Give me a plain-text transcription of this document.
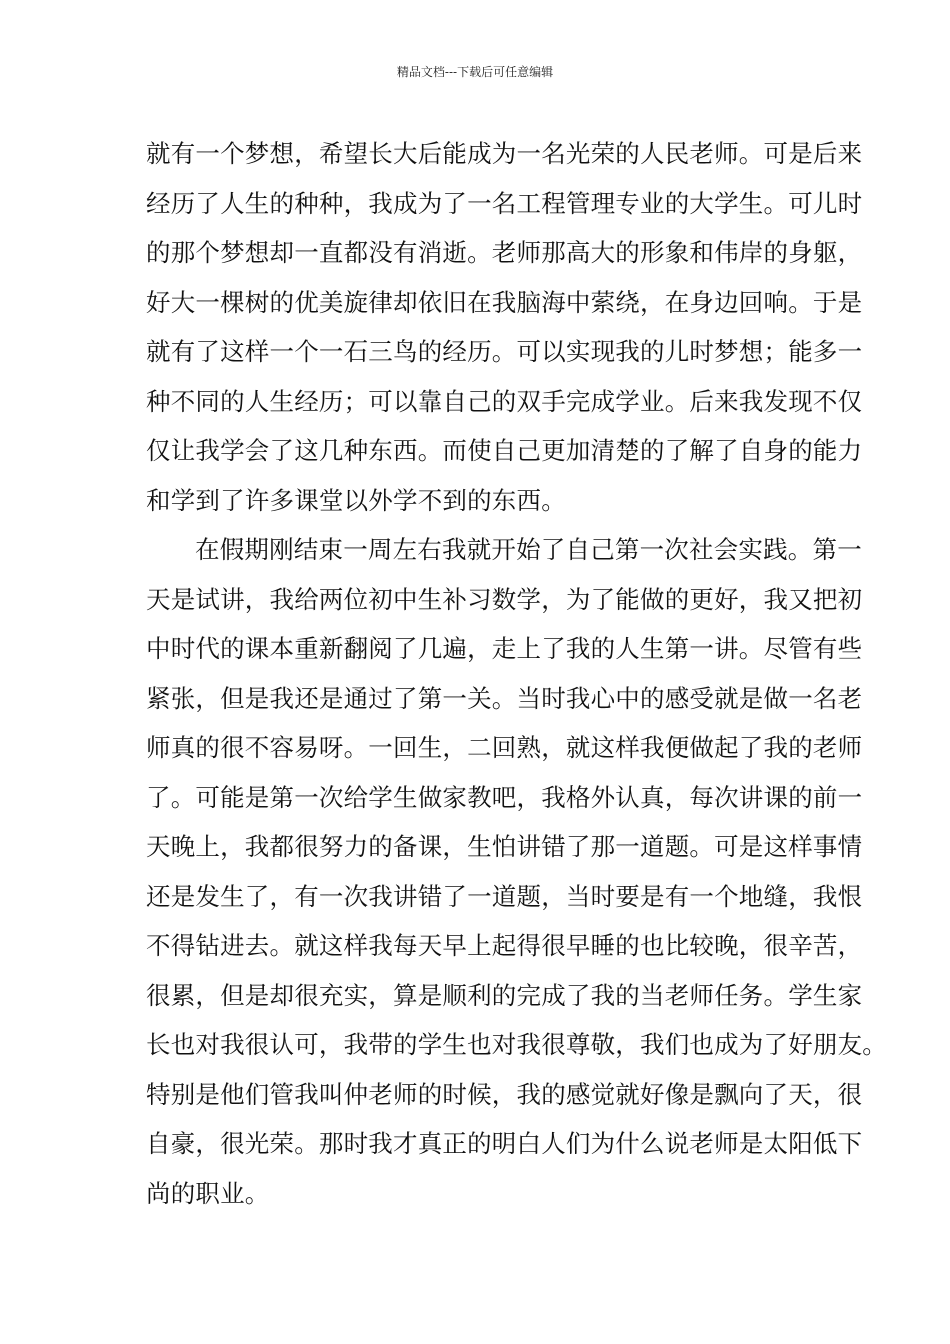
精品文档---下载后可任意编辑
就有一个梦想，希望长大后能成为一名光荣的人民老师。可是后来
经历了人生的种种，我成为了一名工程管理专业的大学生。可儿时
的那个梦想却一直都没有消逝。老师那高大的形象和伟岸的身躯，
好大一棵树的优美旋律却依旧在我脑海中萦绕，在身边回响。于是
就有了这样一个一石三鸟的经历。可以实现我的儿时梦想；能多一
种不同的人生经历；可以靠自己的双手完成学业。后来我发现不仅
仅让我学会了这几种东西。而使自己更加清楚的了解了自身的能力
和学到了许多课堂以外学不到的东西。
在假期刚结束一周左右我就开始了自己第一次社会实践。第一
天是试讲，我给两位初中生补习数学，为了能做的更好，我又把初
中时代的课本重新翻阅了几遍，走上了我的人生第一讲。尽管有些
紧张，但是我还是通过了第一关。当时我心中的感受就是做一名老
师真的很不容易呀。一回生，二回熟，就这样我便做起了我的老师
了。可能是第一次给学生做家教吧，我格外认真，每次讲课的前一
天晚上，我都很努力的备课，生怕讲错了那一道题。可是这样事情
还是发生了，有一次我讲错了一道题，当时要是有一个地缝，我恨
不得钻进去。就这样我每天早上起得很早睡的也比较晚，很辛苦，
很累，但是却很充实，算是顺利的完成了我的当老师任务。学生家
长也对我很认可，我带的学生也对我很尊敬，我们也成为了好朋友。
特别是他们管我叫仲老师的时候，我的感觉就好像是飘向了天，很
自豪，很光荣。那时我才真正的明白人们为什么说老师是太阳低下
尚的职业。
